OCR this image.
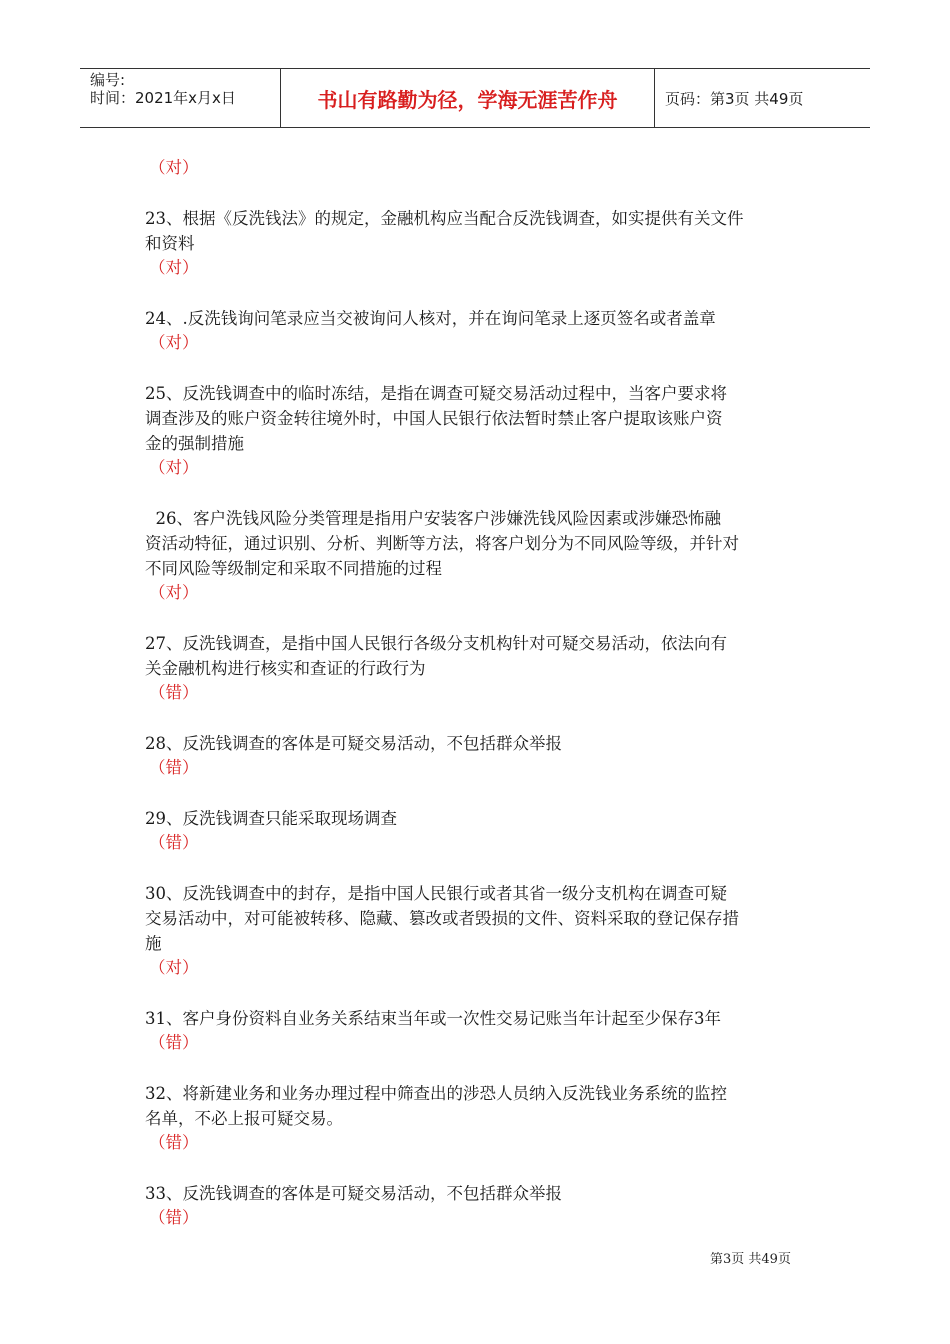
编号:
时间：2021年x月x日	书山有路勤为径，学海无涯苦作舟	页码：第3页 共49页
（对）
23、根据《反洗钱法》的规定，金融机构应当配合反洗钱调查，如实提供有关文件
和资料
（对）
24、.反洗钱询问笔录应当交被询问人核对，并在询问笔录上逐页签名或者盖章
（对）
25、反洗钱调查中的临时冻结，是指在调查可疑交易活动过程中，当客户要求将
调查涉及的账户资金转往境外时，中国人民银行依法暂时禁止客户提取该账户资
金的强制措施
（对）
26、客户洗钱风险分类管理是指用户安装客户涉嫌洗钱风险因素或涉嫌恐怖融
资活动特征，通过识别、分析、判断等方法，将客户划分为不同风险等级，并针对
不同风险等级制定和采取不同措施的过程
（对）
27、反洗钱调查，是指中国人民银行各级分支机构针对可疑交易活动，依法向有
关金融机构进行核实和查证的行政行为
（错）
28、反洗钱调查的客体是可疑交易活动，不包括群众举报
（错）
29、反洗钱调查只能采取现场调查
（错）
30、反洗钱调查中的封存，是指中国人民银行或者其省一级分支机构在调查可疑
交易活动中，对可能被转移、隐藏、篡改或者毁损的文件、资料采取的登记保存措
施
（对）
31、客户身份资料自业务关系结束当年或一次性交易记账当年计起至少保存3年
（错）
32、将新建业务和业务办理过程中筛查出的涉恐人员纳入反洗钱业务系统的监控
名单，不必上报可疑交易。
（错）
33、反洗钱调查的客体是可疑交易活动，不包括群众举报
（错）
第3页 共49页
